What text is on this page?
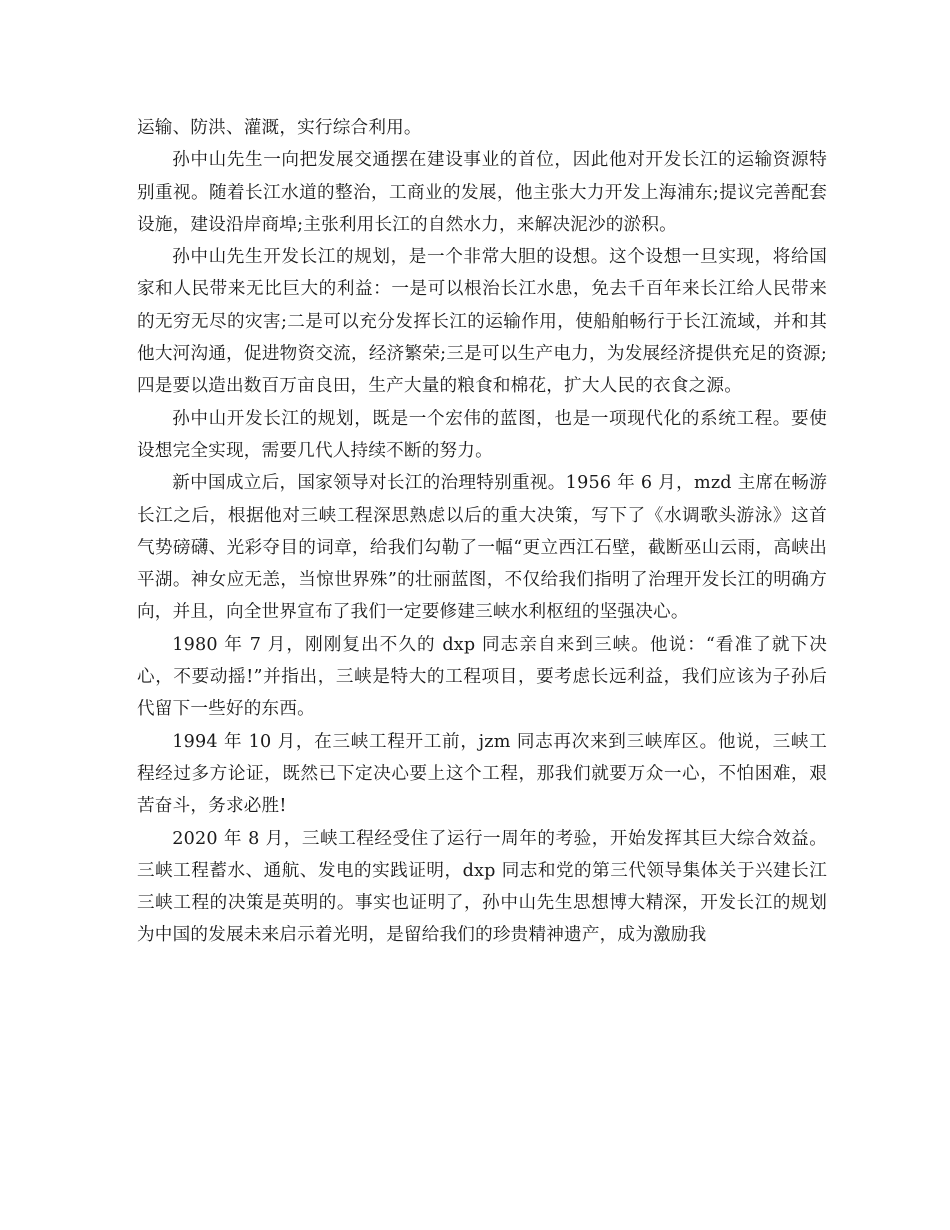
运输、防洪、灌溉，实行综合利用。

孙中山先生一向把发展交通摆在建设事业的首位，因此他对开发长江的运输资源特别重视。随着长江水道的整治，工商业的发展，他主张大力开发上海浦东;提议完善配套设施，建设沿岸商埠;主张利用长江的自然水力，来解决泥沙的淤积。

孙中山先生开发长江的规划，是一个非常大胆的设想。这个设想一旦实现，将给国家和人民带来无比巨大的利益：一是可以根治长江水患，免去千百年来长江给人民带来的无穷无尽的灾害;二是可以充分发挥长江的运输作用，使船舶畅行于长江流域，并和其他大河沟通，促进物资交流，经济繁荣;三是可以生产电力，为发展经济提供充足的资源;四是要以造出数百万亩良田，生产大量的粮食和棉花，扩大人民的衣食之源。

孙中山开发长江的规划，既是一个宏伟的蓝图，也是一项现代化的系统工程。要使设想完全实现，需要几代人持续不断的努力。

新中国成立后，国家领导对长江的治理特别重视。1956 年 6 月，mzd 主席在畅游长江之后，根据他对三峡工程深思熟虑以后的重大决策，写下了《水调歌头游泳》这首气势磅礴、光彩夺目的词章，给我们勾勒了一幅“更立西江石壁，截断巫山云雨，高峡出平湖。神女应无恙，当惊世界殊”的壮丽蓝图，不仅给我们指明了治理开发长江的明确方向，并且，向全世界宣布了我们一定要修建三峡水利枢纽的坚强决心。

1980 年 7 月，刚刚复出不久的 dxp 同志亲自来到三峡。他说：“看准了就下决心，不要动摇!”并指出，三峡是特大的工程项目，要考虑长远利益，我们应该为子孙后代留下一些好的东西。

1994 年 10 月，在三峡工程开工前，jzm 同志再次来到三峡库区。他说，三峡工程经过多方论证，既然已下定决心要上这个工程，那我们就要万众一心，不怕困难，艰苦奋斗，务求必胜!

2020 年 8 月，三峡工程经受住了运行一周年的考验，开始发挥其巨大综合效益。三峡工程蓄水、通航、发电的实践证明，dxp 同志和党的第三代领导集体关于兴建长江三峡工程的决策是英明的。事实也证明了，孙中山先生思想博大精深，开发长江的规划为中国的发展未来启示着光明，是留给我们的珍贵精神遗产，成为激励我
